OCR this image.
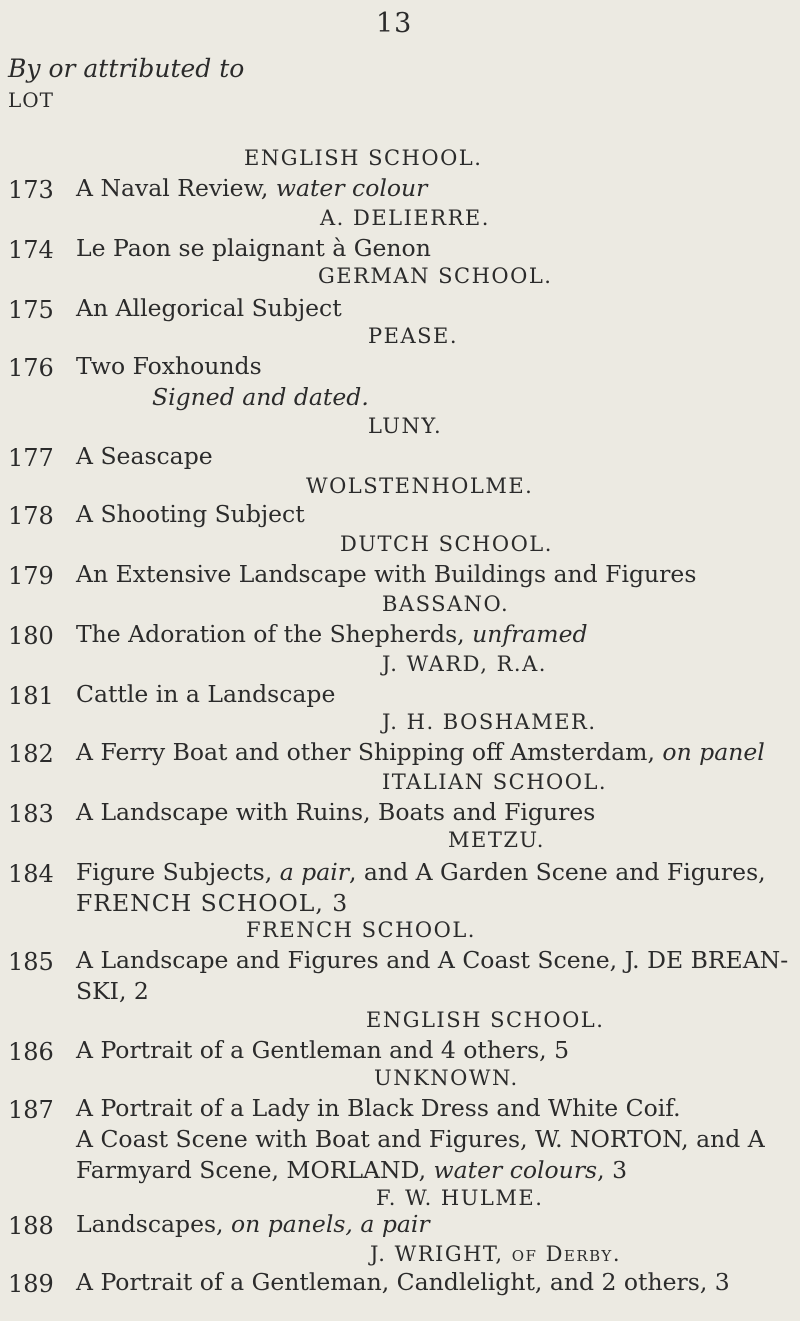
13
By or attributed to
LOT
ENGLISH SCHOOL.
173 A Naval Review, water colour
A. DELIERRE.
174 Le Paon se plaignant à Genon
GERMAN SCHOOL.
175 An Allegorical Subject
PEASE.
176 Two Foxhounds
Signed and dated.
LUNY.
177 A Seascape
WOLSTENHOLME.
178 A Shooting Subject
DUTCH SCHOOL.
179 An Extensive Landscape with Buildings and Figures
BASSANO.
180 The Adoration of the Shepherds, unframed
J. WARD, R.A.
181 Cattle in a Landscape
J. H. BOSHAMER.
182 A Ferry Boat and other Shipping off Amsterdam, on panel
ITALIAN SCHOOL.
183 A Landscape with Ruins, Boats and Figures
METZU.
184 Figure Subjects, a pair, and A Garden Scene and Figures,
FRENCH SCHOOL, 3
FRENCH SCHOOL.
185 A Landscape and Figures and A Coast Scene, J. DE BREAN-
SKI, 2
ENGLISH SCHOOL.
186 A Portrait of a Gentleman and 4 others, 5
UNKNOWN.
187 A Portrait of a Lady in Black Dress and White Coif.
A Coast Scene with Boat and Figures, W. NORTON, and A
Farmyard Scene, MORLAND, water colours, 3
F. W. HULME.
188 Landscapes, on panels, a pair
J. WRIGHT, of Derby.
189 A Portrait of a Gentleman, Candlelight, and 2 others, 3
